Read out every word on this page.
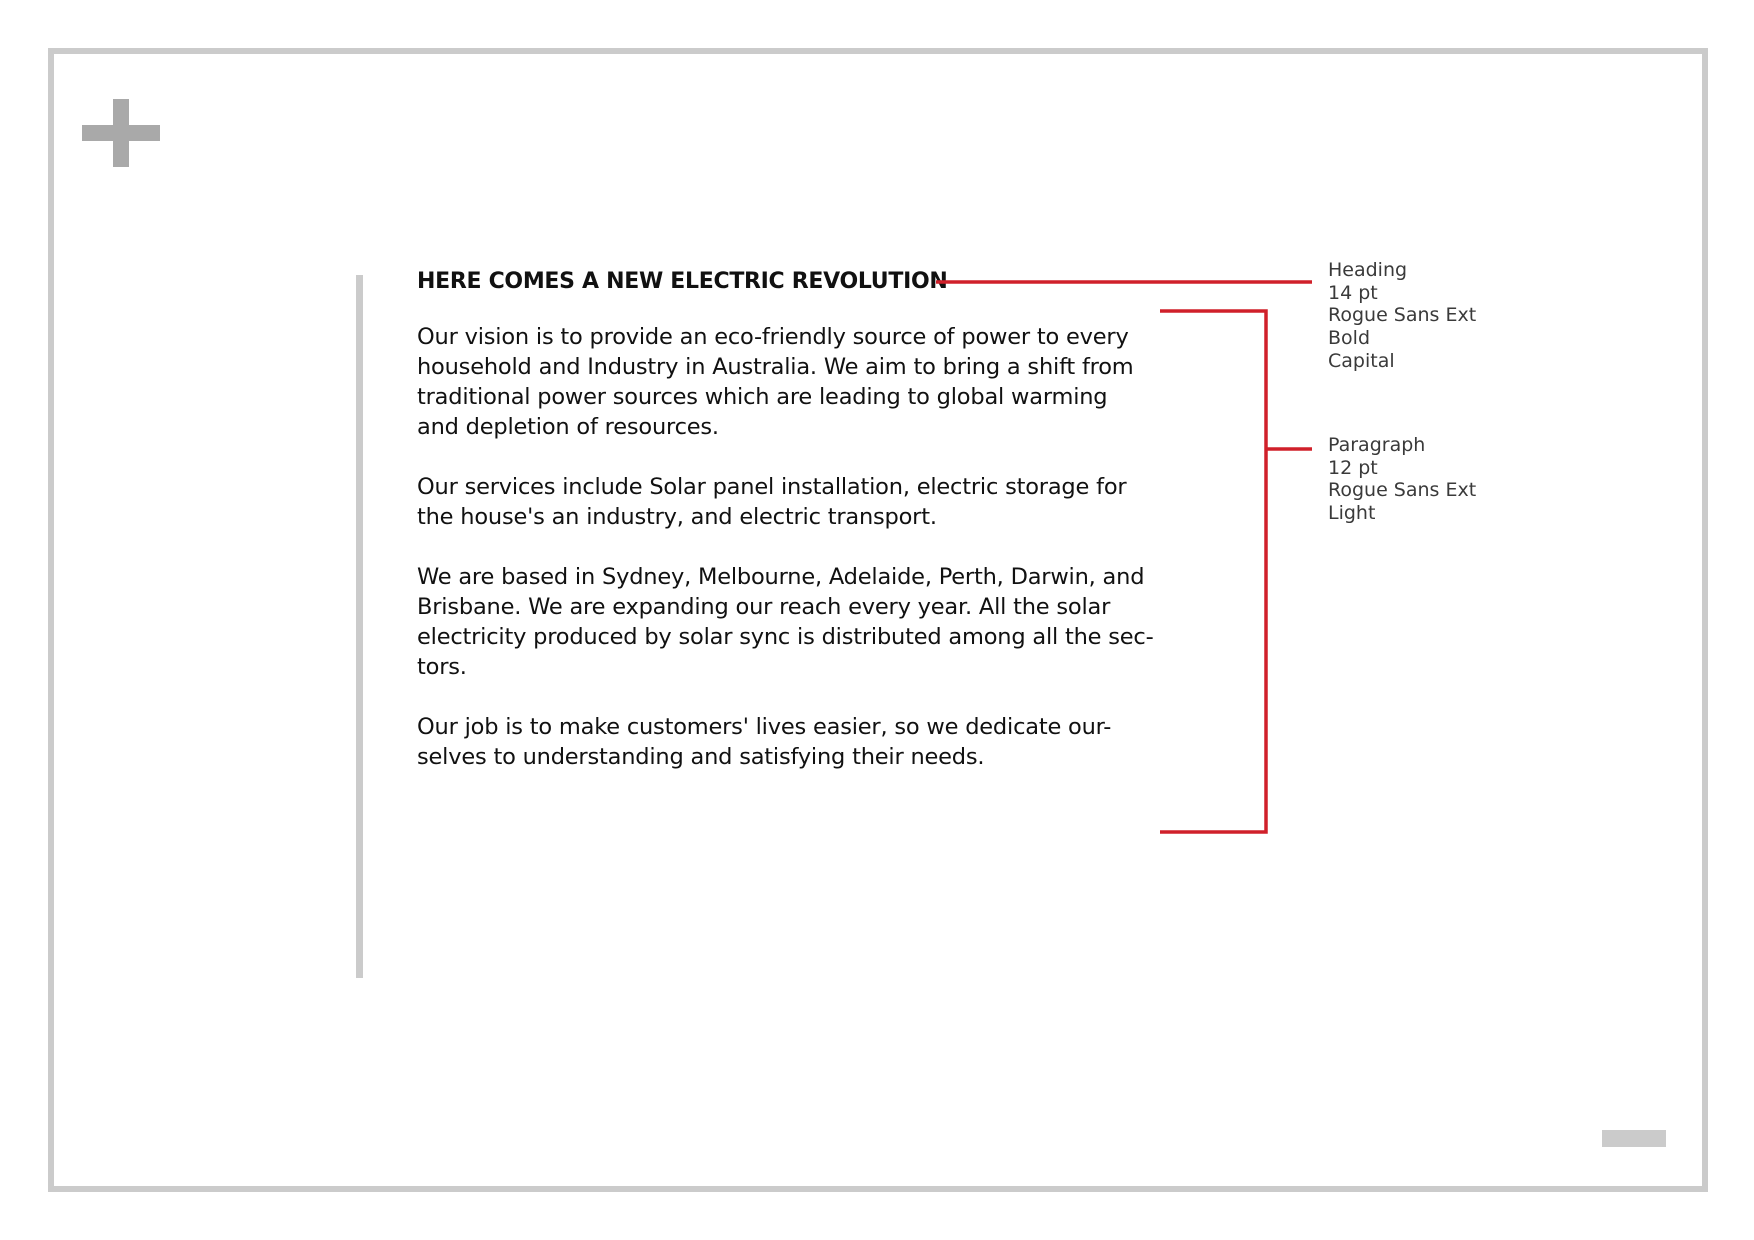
HERE COMES A NEW ELECTRIC REVOLUTION

Our vision is to provide an eco-friendly source of power to every
household and Industry in Australia. We aim to bring a shift from
traditional power sources which are leading to global warming
and depletion of resources.

Our services include Solar panel installation, electric storage for
the house's an industry, and electric transport.

We are based in Sydney, Melbourne, Adelaide, Perth, Darwin, and
Brisbane. We are expanding our reach every year. All the solar
electricity produced by solar sync is distributed among all the sec-
tors.

Our job is to make customers' lives easier, so we dedicate our-
selves to understanding and satisfying their needs.

Heading
14 pt
Rogue Sans Ext
Bold
Capital
Paragraph
12 pt
Rogue Sans Ext
Light
